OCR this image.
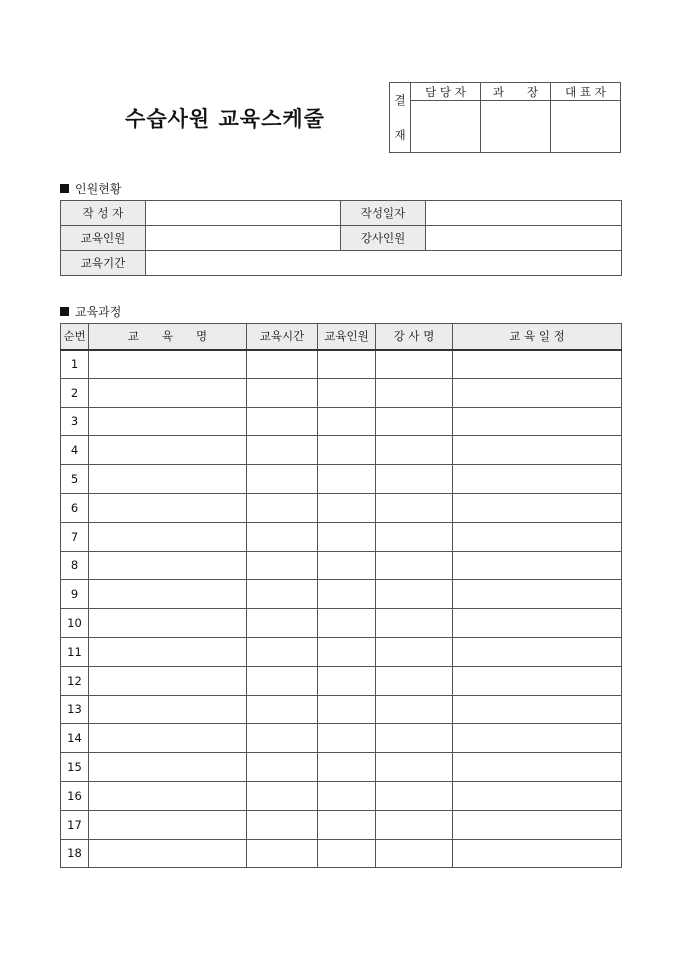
수습사원 교육스케줄
결
재	담 당 자	과　　장	대 표 자

인원현황
작 성 자		작성일자	
교육인원		강사인원	
교육기간			
교육과정
순번	교　　육　　명	교육시간	교육인원	강 사 명	교 육 일 정
1					
2					
3					
4					
5					
6					
7					
8					
9					
10					
11					
12					
13					
14					
15					
16					
17					
18					
